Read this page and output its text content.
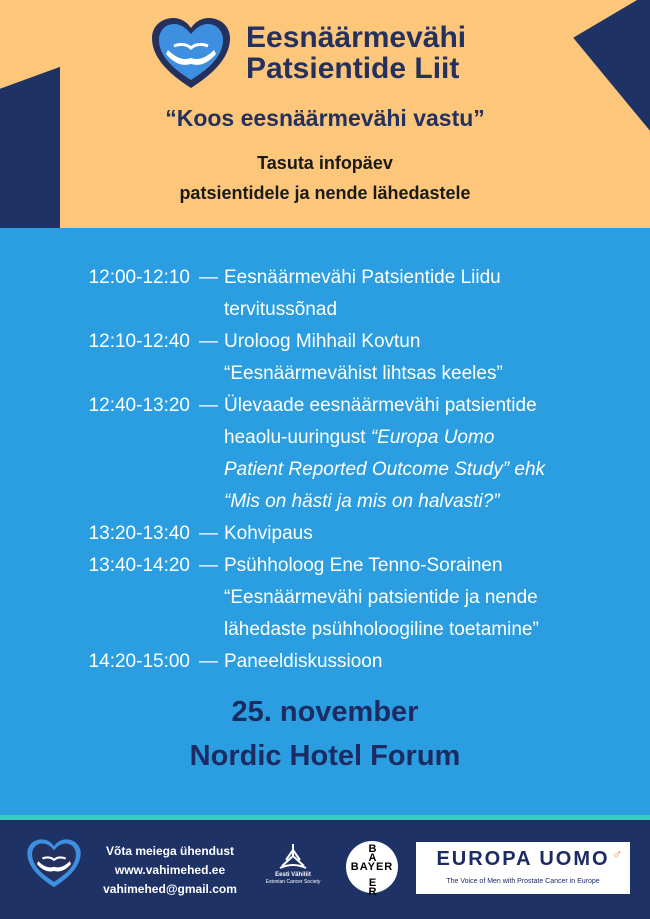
Eesnäärmevähi
Patsientide Liit
“Koos eesnäärmevähi vastu”
Tasuta infopäev
patsientidele ja nende lähedastele
12:00-12:10 — Eesnäärmevähi Patsientide Liidu
tervitussõnad
12:10-12:40 — Uroloog Mihhail Kovtun
“Eesnäärmevähist lihtsas keeles”
12:40-13:20 — Ülevaade eesnäärmevähi patsientide
heaolu-uuringust “Europa Uomo
Patient Reported Outcome Study” ehk
“Mis on hästi ja mis on halvasti?”
13:20-13:40 — Kohvipaus
13:40-14:20 — Psühholoog Ene Tenno-Sorainen
“Eesnäärmevähi patsientide ja nende
lähedaste psühholoogiline toetamine”
14:20-15:00 — Paneeldiskussioon
25. november
Nordic Hotel Forum
Võta meiega ühendust
www.vahimehed.ee
vahimehed@gmail.com
Eesti Vähiliit
Estonian Cancer Society
BAYER
B
A
E
R
EUROPA UOMO ♂
The Voice of Men with Prostate Cancer in Europe
